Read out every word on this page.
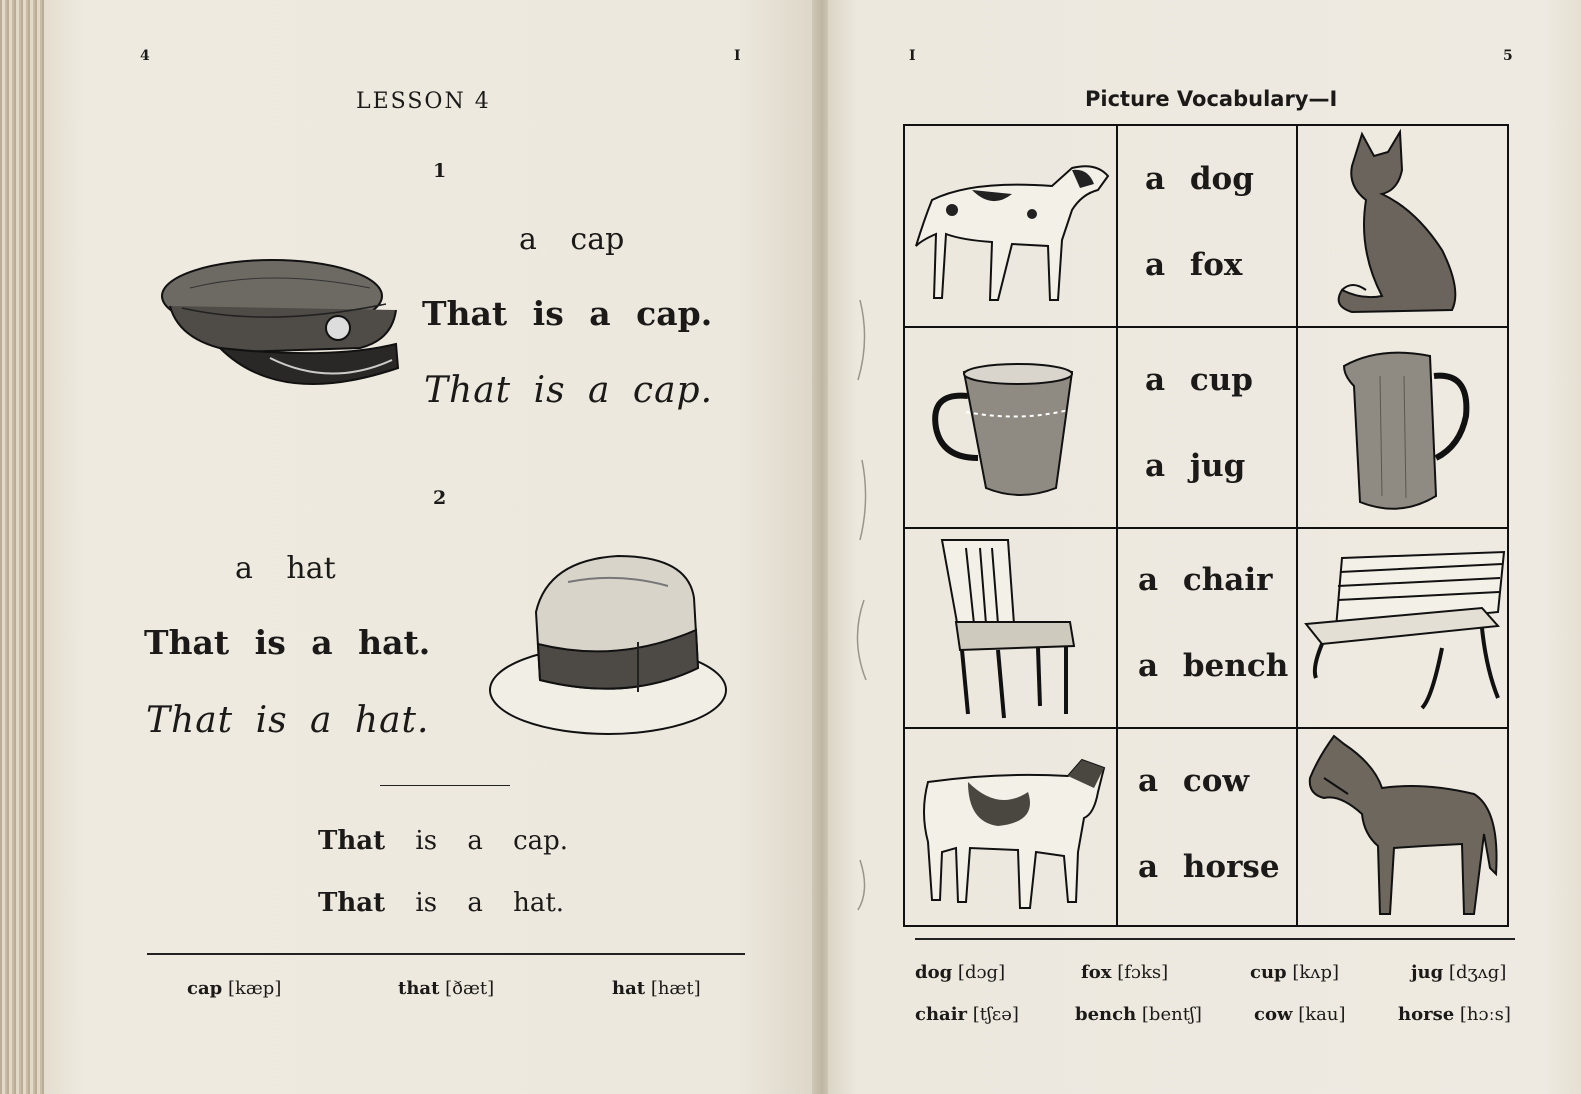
4	I
LESSON 4
1
a cap
That is a cap.
That is a cap.
2
a hat
That is a hat.
That is a hat.
That is a cap.
That is a hat.
cap [kæp]	that [ðæt]	hat [hæt]
I	5
Picture Vocabulary—I
a dog
a fox
a cup
a jug
a chair
a bench
a cow
a horse
dog [dɔg]	fox [fɔks]	cup [kʌp]	jug [dʒʌg]
chair [tʃɛə]	bench [bentʃ]	cow [kau]	horse [hɔːs]
